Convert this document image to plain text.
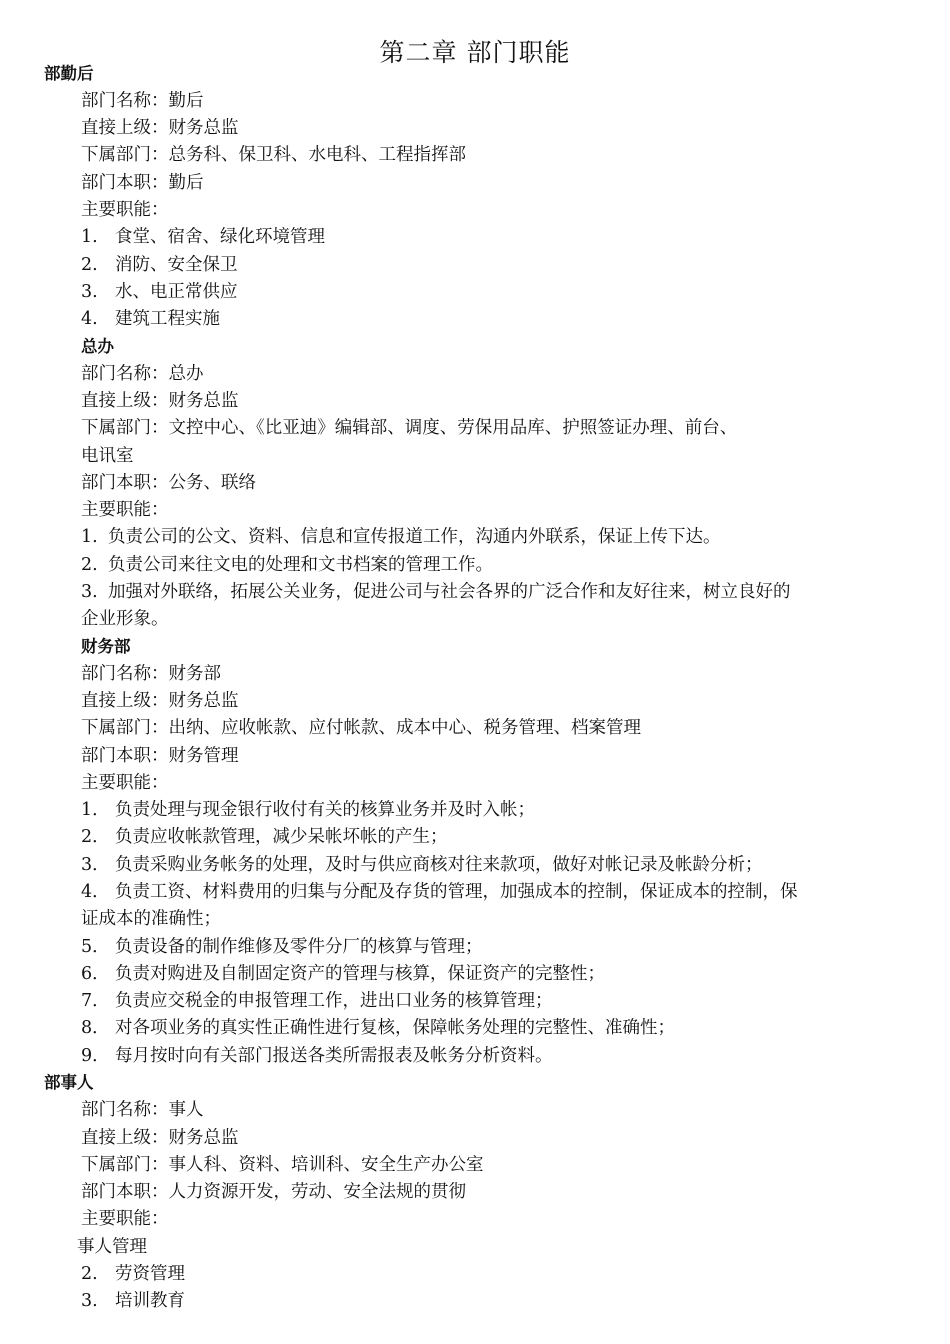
第二章 部门职能
部勤后
部门名称：勤后
直接上级：财务总监
下属部门：总务科、保卫科、水电科、工程指挥部
部门本职：勤后
主要职能：
1. 食堂、宿舍、绿化环境管理
2. 消防、安全保卫
3. 水、电正常供应
4. 建筑工程实施
总办
部门名称：总办
直接上级：财务总监
下属部门：文控中心、《比亚迪》编辑部、调度、劳保用品库、护照签证办理、前台、
电讯室
部门本职：公务、联络
主要职能：
1. 负责公司的公文、资料、信息和宣传报道工作，沟通内外联系，保证上传下达。
2. 负责公司来往文电的处理和文书档案的管理工作。
3. 加强对外联络，拓展公关业务，促进公司与社会各界的广泛合作和友好往来，树立良好的
企业形象。
财务部
部门名称：财务部
直接上级：财务总监
下属部门：出纳、应收帐款、应付帐款、成本中心、税务管理、档案管理
部门本职：财务管理
主要职能：
1． 负责处理与现金银行收付有关的核算业务并及时入帐；
2． 负责应收帐款管理，减少呆帐坏帐的产生；
3． 负责采购业务帐务的处理，及时与供应商核对往来款项，做好对帐记录及帐龄分析；
4． 负责工资、材料费用的归集与分配及存货的管理，加强成本的控制，保证成本的控制，保
证成本的准确性；
5． 负责设备的制作维修及零件分厂的核算与管理；
6． 负责对购进及自制固定资产的管理与核算，保证资产的完整性；
7． 负责应交税金的申报管理工作，进出口业务的核算管理；
8． 对各项业务的真实性正确性进行复核，保障帐务处理的完整性、准确性；
9． 每月按时向有关部门报送各类所需报表及帐务分析资料。
部事人
部门名称：事人
直接上级：财务总监
下属部门：事人科、资料、培训科、安全生产办公室
部门本职：人力资源开发，劳动、安全法规的贯彻
主要职能：
事人管理
2. 劳资管理
3. 培训教育
